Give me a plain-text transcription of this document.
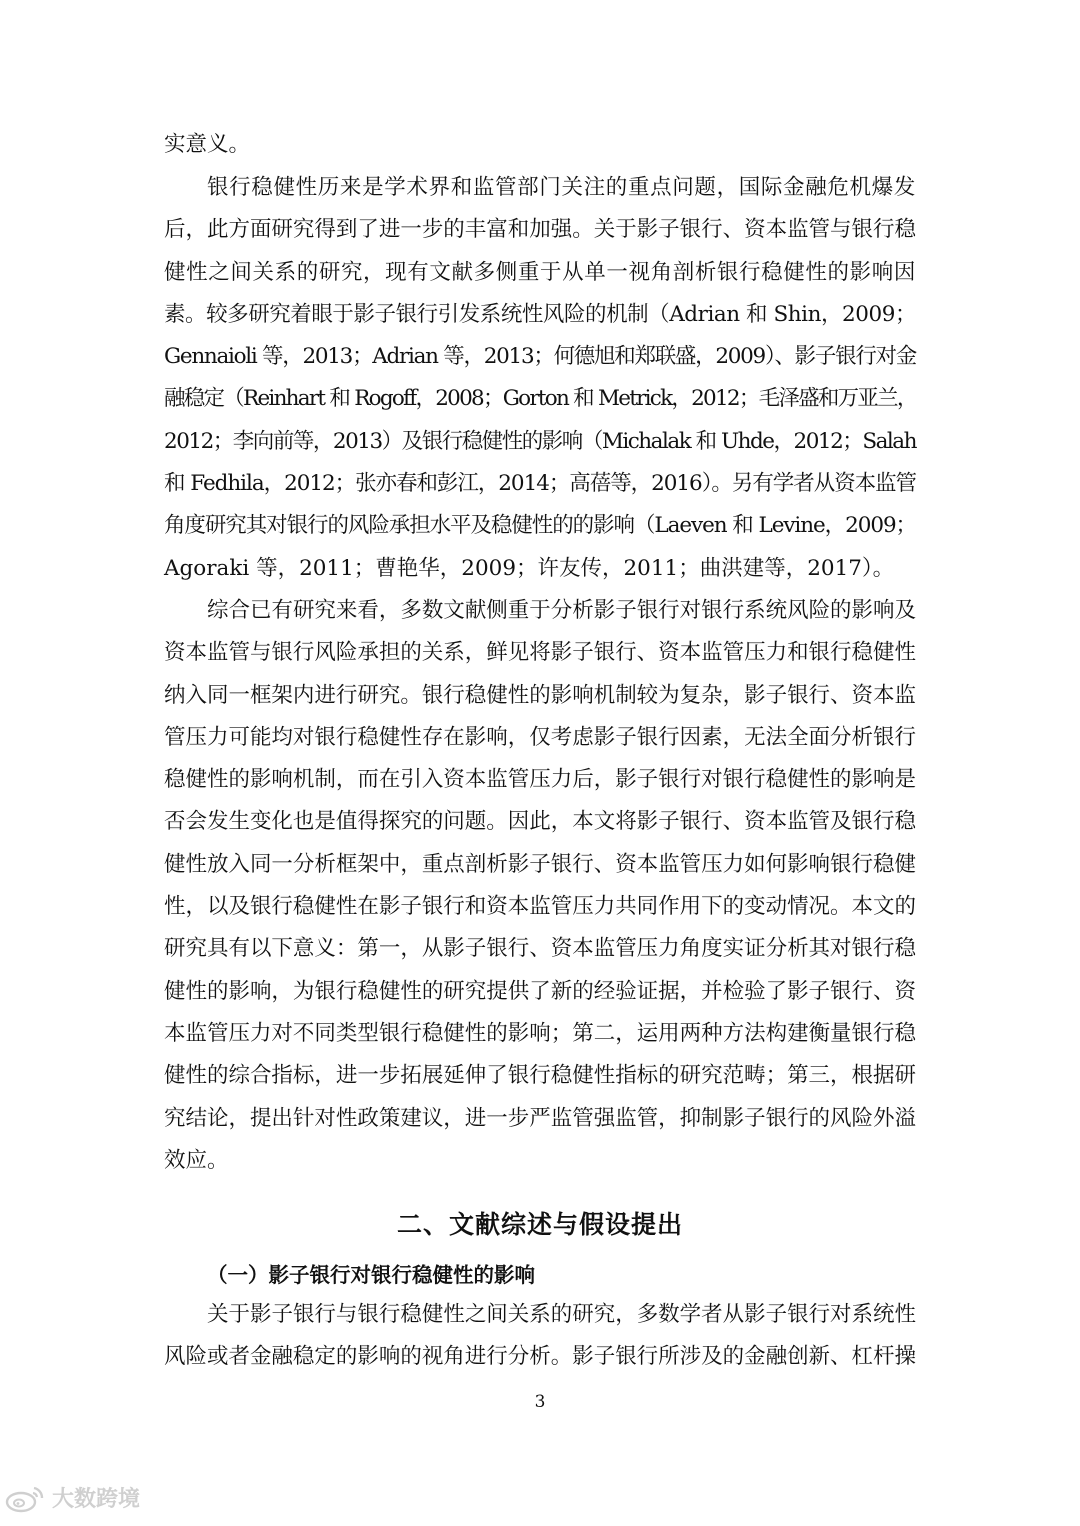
实意义。

银行稳健性历来是学术界和监管部门关注的重点问题，国际金融危机爆发
后，此方面研究得到了进一步的丰富和加强。关于影子银行、资本监管与银行稳
健性之间关系的研究，现有文献多侧重于从单一视角剖析银行稳健性的影响因
素。较多研究着眼于影子银行引发系统性风险的机制（Adrian 和 Shin，2009；
Gennaioli 等，2013；Adrian 等，2013；何德旭和郑联盛，2009）、影子银行对金
融稳定（Reinhart 和 Rogoff，2008；Gorton 和 Metrick，2012；毛泽盛和万亚兰，
2012；李向前等，2013）及银行稳健性的影响（Michalak 和 Uhde，2012；Salah
和 Fedhila，2012；张亦春和彭江，2014；高蓓等，2016）。另有学者从资本监管
角度研究其对银行的风险承担水平及稳健性的的影响（Laeven 和 Levine，2009；
Agoraki 等，2011；曹艳华，2009；许友传，2011；曲洪建等，2017）。

综合已有研究来看，多数文献侧重于分析影子银行对银行系统风险的影响及
资本监管与银行风险承担的关系，鲜见将影子银行、资本监管压力和银行稳健性
纳入同一框架内进行研究。银行稳健性的影响机制较为复杂，影子银行、资本监
管压力可能均对银行稳健性存在影响，仅考虑影子银行因素，无法全面分析银行
稳健性的影响机制，而在引入资本监管压力后，影子银行对银行稳健性的影响是
否会发生变化也是值得探究的问题。因此，本文将影子银行、资本监管及银行稳
健性放入同一分析框架中，重点剖析影子银行、资本监管压力如何影响银行稳健
性，以及银行稳健性在影子银行和资本监管压力共同作用下的变动情况。本文的
研究具有以下意义：第一，从影子银行、资本监管压力角度实证分析其对银行稳
健性的影响，为银行稳健性的研究提供了新的经验证据，并检验了影子银行、资
本监管压力对不同类型银行稳健性的影响；第二，运用两种方法构建衡量银行稳
健性的综合指标，进一步拓展延伸了银行稳健性指标的研究范畴；第三，根据研
究结论，提出针对性政策建议，进一步严监管强监管，抑制影子银行的风险外溢
效应。

二、文献综述与假设提出
（一）影子银行对银行稳健性的影响

关于影子银行与银行稳健性之间关系的研究，多数学者从影子银行对系统性
风险或者金融稳定的影响的视角进行分析。影子银行所涉及的金融创新、杠杆操

3
大数跨境
